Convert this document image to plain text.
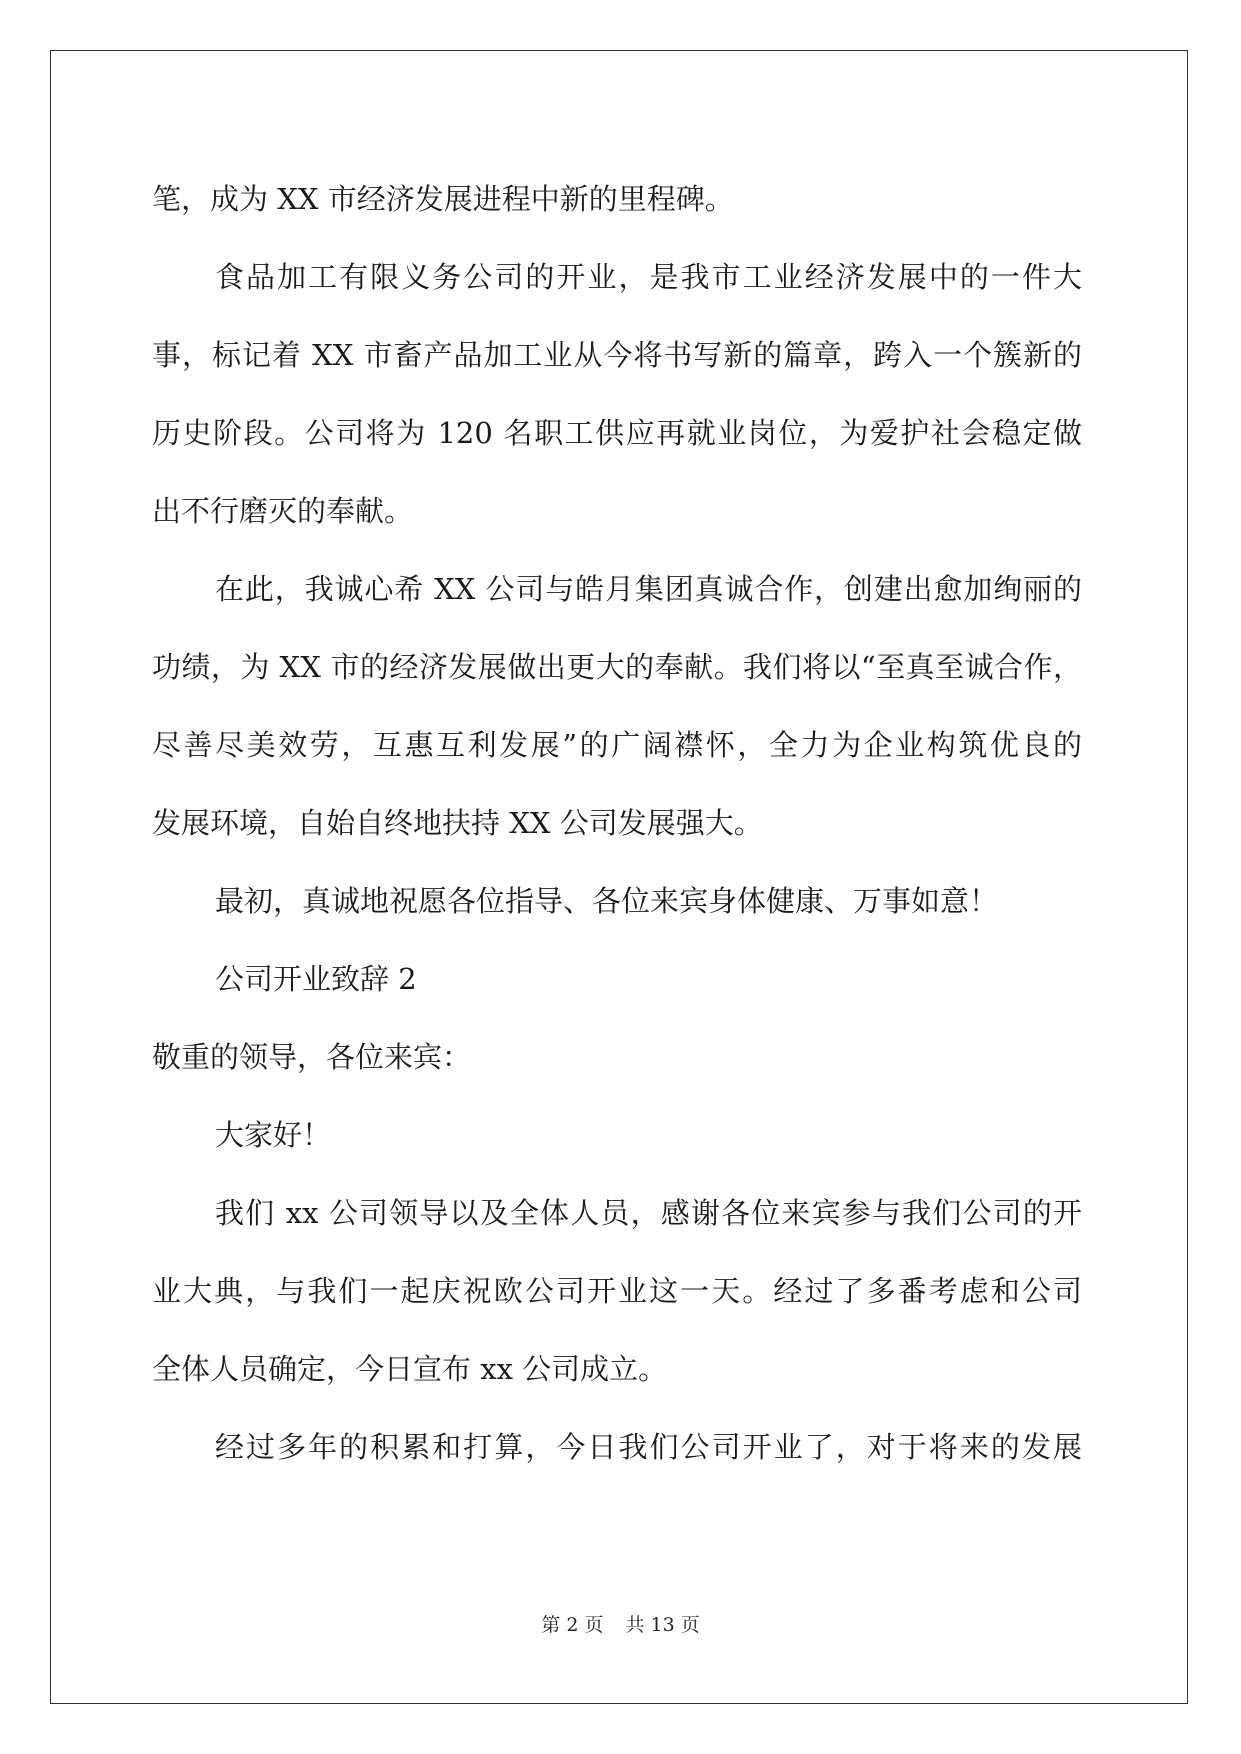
笔，成为 XX 市经济发展进程中新的里程碑。
食品加工有限义务公司的开业，是我市工业经济发展中的一件大
事，标记着 XX 市畜产品加工业从今将书写新的篇章，跨入一个簇新的
历史阶段。公司将为 120 名职工供应再就业岗位，为爱护社会稳定做
出不行磨灭的奉献。
在此，我诚心希 XX 公司与皓月集团真诚合作，创建出愈加绚丽的
功绩，为 XX 市的经济发展做出更大的奉献。我们将以“至真至诚合作，
尽善尽美效劳，互惠互利发展”的广阔襟怀，全力为企业构筑优良的
发展环境，自始自终地扶持 XX 公司发展强大。
最初，真诚地祝愿各位指导、各位来宾身体健康、万事如意！
公司开业致辞 2
敬重的领导，各位来宾：
大家好！
我们 xx 公司领导以及全体人员，感谢各位来宾参与我们公司的开
业大典，与我们一起庆祝欧公司开业这一天。经过了多番考虑和公司
全体人员确定，今日宣布 xx 公司成立。
经过多年的积累和打算，今日我们公司开业了，对于将来的发展
第 2 页 共 13 页
